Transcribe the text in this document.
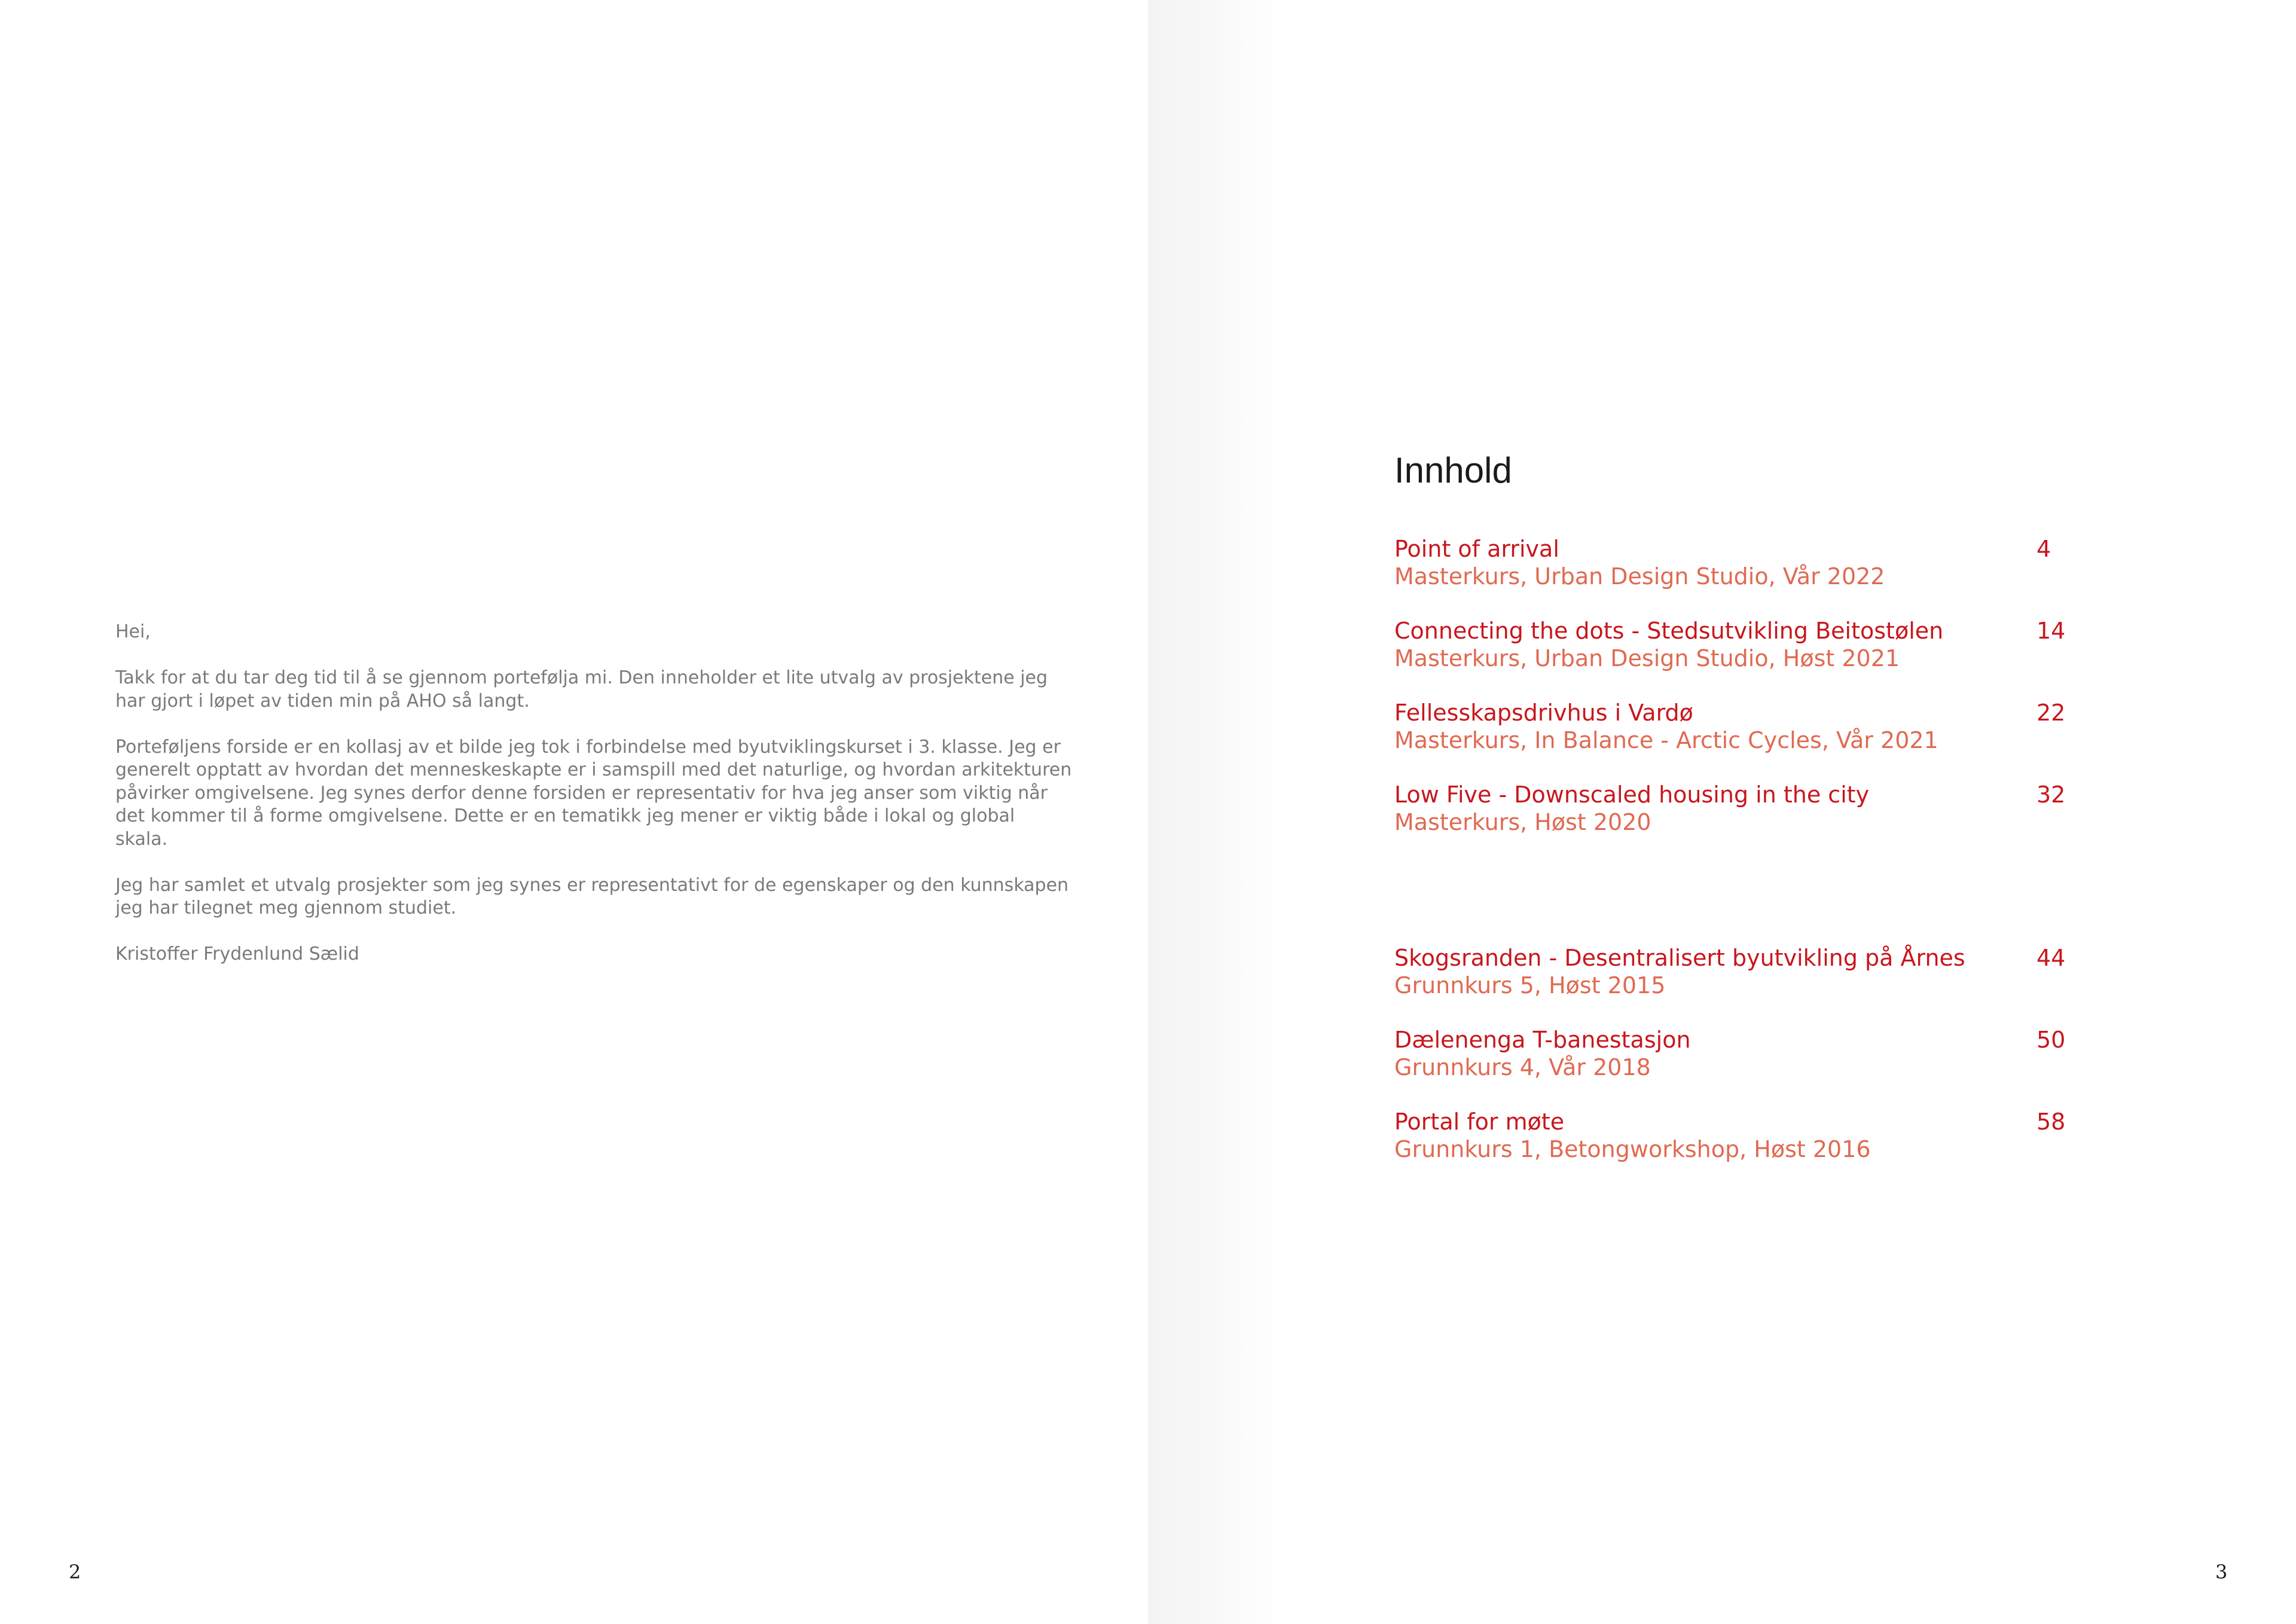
Hei,

Takk for at du tar deg tid til å se gjennom portefølja mi. Den inneholder et lite utvalg av prosjektene jeg har gjort i løpet av tiden min på AHO så langt.

Porteføljens forside er en kollasj av et bilde jeg tok i forbindelse med byutviklingskurset i 3. klasse. Jeg er generelt opptatt av hvordan det menneskeskapte er i samspill med det naturlige, og hvordan arkitekturen påvirker omgivelsene. Jeg synes derfor denne forsiden er representativ for hva jeg anser som viktig når det kommer til å forme omgivelsene. Dette er en tematikk jeg mener er viktig både i lokal og global skala.

Jeg har samlet et utvalg prosjekter som jeg synes er representativt for de egenskaper og den kunnskapen jeg har tilegnet meg gjennom studiet.

Kristoffer Frydenlund Sælid

2
Innhold
Point of arrival
Masterkurs, Urban Design Studio, Vår 2022
4
Connecting the dots - Stedsutvikling Beitostølen
Masterkurs, Urban Design Studio, Høst 2021
14
Fellesskapsdrivhus i Vardø
Masterkurs, In Balance - Arctic Cycles, Vår 2021
22
Low Five - Downscaled housing in the city
Masterkurs, Høst 2020
32
Skogsranden - Desentralisert byutvikling på Årnes
Grunnkurs 5, Høst 2015
44
Dælenenga T-banestasjon
Grunnkurs 4, Vår 2018
50
Portal for møte
Grunnkurs 1, Betongworkshop, Høst 2016
58
3
